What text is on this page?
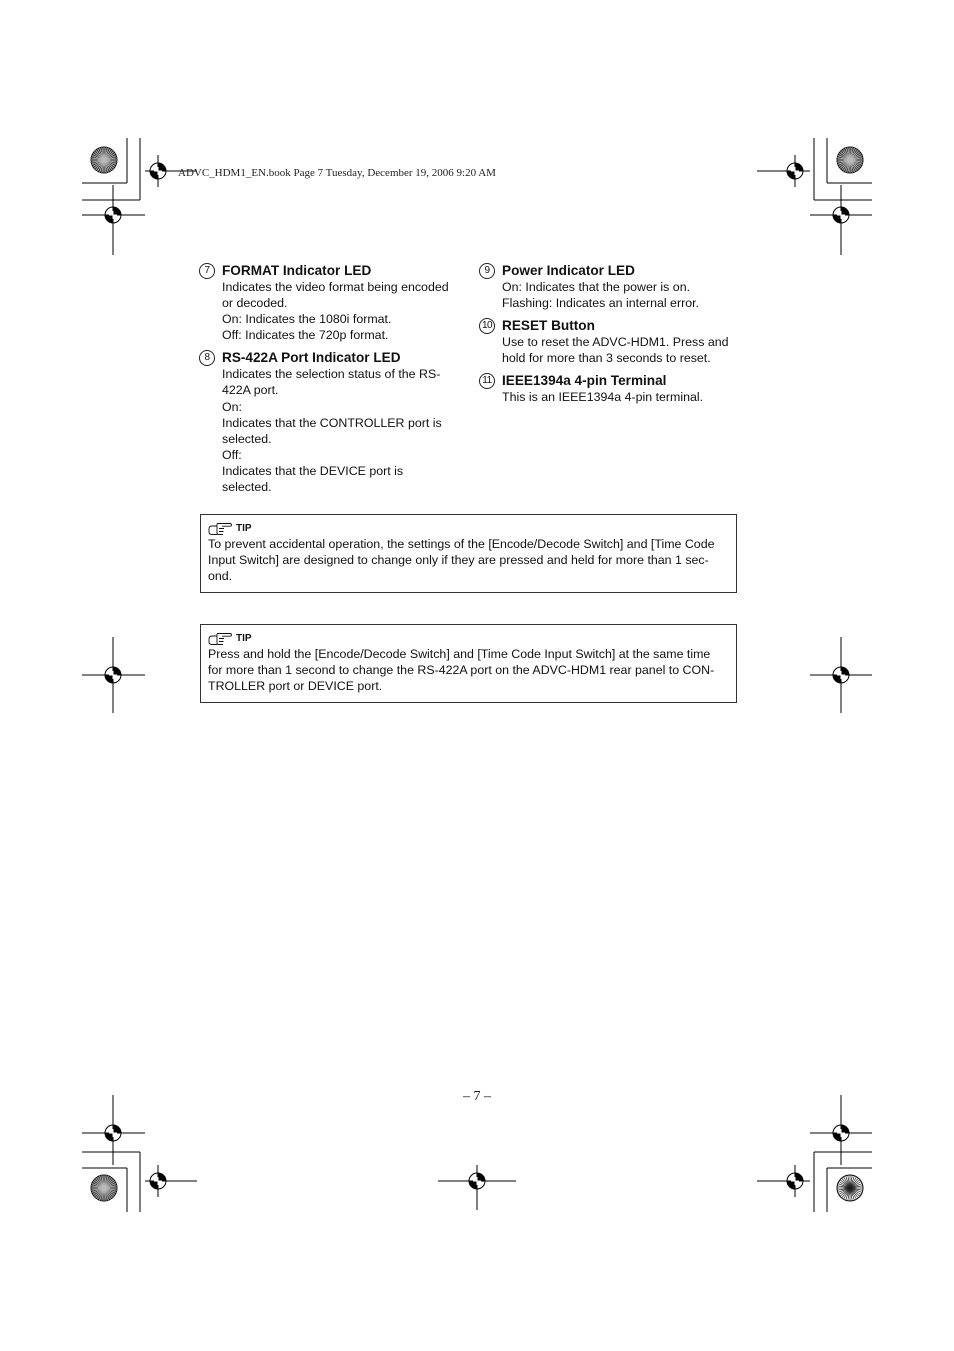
ADVC_HDM1_EN.book Page 7 Tuesday, December 19, 2006 9:20 AM
7 FORMAT Indicator LED
Indicates the video format being encoded
or decoded.
On: Indicates the 1080i format.
Off: Indicates the 720p format.
8 RS-422A Port Indicator LED
Indicates the selection status of the RS-
422A port.
On:
Indicates that the CONTROLLER port is
selected.
Off:
Indicates that the DEVICE port is
selected.
9 Power Indicator LED
On: Indicates that the power is on.
Flashing: Indicates an internal error.
10 RESET Button
Use to reset the ADVC-HDM1. Press and
hold for more than 3 seconds to reset.
11 IEEE1394a 4-pin Terminal
This is an IEEE1394a 4-pin terminal.
TIP
To prevent accidental operation, the settings of the [Encode/Decode Switch] and [Time Code
Input Switch] are designed to change only if they are pressed and held for more than 1 sec-
ond.
TIP
Press and hold the [Encode/Decode Switch] and [Time Code Input Switch] at the same time
for more than 1 second to change the RS-422A port on the ADVC-HDM1 rear panel to CON-
TROLLER port or DEVICE port.
– 7 –
